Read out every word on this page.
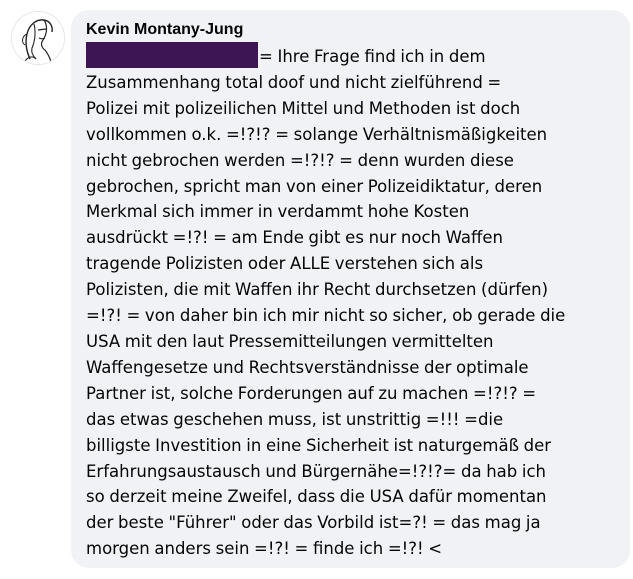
Kevin Montany-Jung
= Ihre Frage find ich in dem
Zusammenhang total doof und nicht zielführend =
Polizei mit polizeilichen Mittel und Methoden ist doch
vollkommen o.k. =!?!? = solange Verhältnismäßigkeiten
nicht gebrochen werden =!?!? = denn wurden diese
gebrochen, spricht man von einer Polizeidiktatur, deren
Merkmal sich immer in verdammt hohe Kosten
ausdrückt =!?! = am Ende gibt es nur noch Waffen
tragende Polizisten oder ALLE verstehen sich als
Polizisten, die mit Waffen ihr Recht durchsetzen (dürfen)
=!?! = von daher bin ich mir nicht so sicher, ob gerade die
USA mit den laut Pressemitteilungen vermittelten
Waffengesetze und Rechtsverständnisse der optimale
Partner ist, solche Forderungen auf zu machen =!?!? =
das etwas geschehen muss, ist unstrittig =!!! =die
billigste Investition in eine Sicherheit ist naturgemäß der
Erfahrungsaustausch und Bürgernähe=!?!?= da hab ich
so derzeit meine Zweifel, dass die USA dafür momentan
der beste "Führer" oder das Vorbild ist=?! = das mag ja
morgen anders sein =!?! = finde ich =!?! <
